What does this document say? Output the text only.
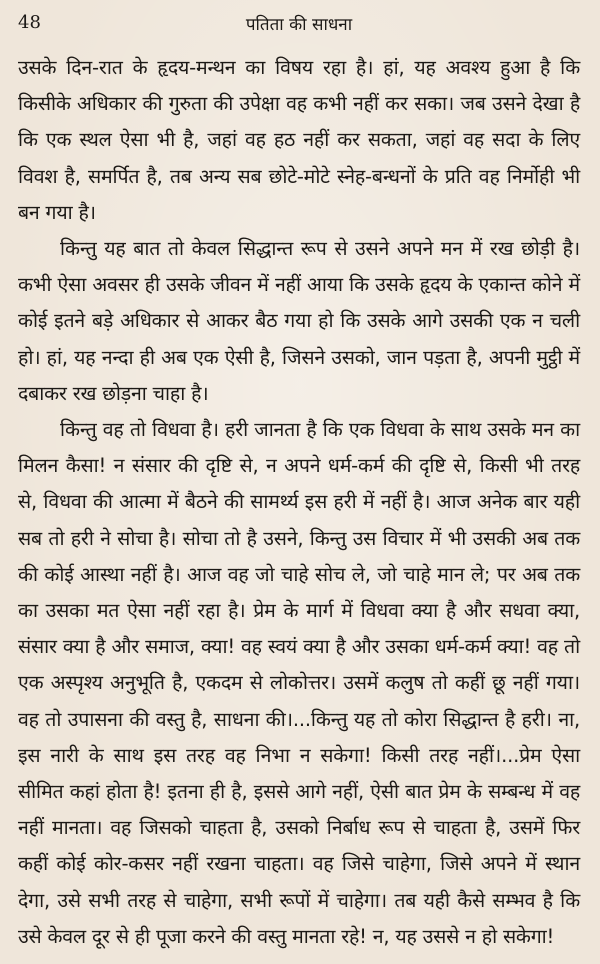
48	पतिता की साधना

उसके दिन-रात के हृदय-मन्थन का विषय रहा है। हां, यह अवश्य हुआ है कि किसीके अधिकार की गुरुता की उपेक्षा वह कभी नहीं कर सका। जब उसने देखा है कि एक स्थल ऐसा भी है, जहां वह हठ नहीं कर सकता, जहां वह सदा के लिए विवश है, समर्पित है, तब अन्य सब छोटे-मोटे स्नेह-बन्धनों के प्रति वह निर्मोही भी बन गया है।

किन्तु यह बात तो केवल सिद्धान्त रूप से उसने अपने मन में रख छोड़ी है। कभी ऐसा अवसर ही उसके जीवन में नहीं आया कि उसके हृदय के एकान्त कोने में कोई इतने बड़े अधिकार से आकर बैठ गया हो कि उसके आगे उसकी एक न चली हो। हां, यह नन्दा ही अब एक ऐसी है, जिसने उसको, जान पड़ता है, अपनी मुट्ठी में दबाकर रख छोड़ना चाहा है।

किन्तु वह तो विधवा है। हरी जानता है कि एक विधवा के साथ उसके मन का मिलन कैसा! न संसार की दृष्टि से, न अपने धर्म-कर्म की दृष्टि से, किसी भी तरह से, विधवा की आत्मा में बैठने की सामर्थ्य इस हरी में नहीं है। आज अनेक बार यही सब तो हरी ने सोचा है। सोचा तो है उसने, किन्तु उस विचार में भी उसकी अब तक की कोई आस्था नहीं है। आज वह जो चाहे सोच ले, जो चाहे मान ले; पर अब तक का उसका मत ऐसा नहीं रहा है। प्रेम के मार्ग में विधवा क्या है और सधवा क्या, संसार क्या है और समाज, क्या! वह स्वयं क्या है और उसका धर्म-कर्म क्या! वह तो एक अस्पृश्य अनुभूति है, एकदम से लोकोत्तर। उसमें कलुष तो कहीं छू नहीं गया। वह तो उपासना की वस्तु है, साधना की।...किन्तु यह तो कोरा सिद्धान्त है हरी। ना, इस नारी के साथ इस तरह वह निभा न सकेगा! किसी तरह नहीं।...प्रेम ऐसा सीमित कहां होता है! इतना ही है, इससे आगे नहीं, ऐसी बात प्रेम के सम्बन्ध में वह नहीं मानता। वह जिसको चाहता है, उसको निर्बाध रूप से चाहता है, उसमें फिर कहीं कोई कोर-कसर नहीं रखना चाहता। वह जिसे चाहेगा, जिसे अपने में स्थान देगा, उसे सभी तरह से चाहेगा, सभी रूपों में चाहेगा। तब यही कैसे सम्भव है कि उसे केवल दूर से ही पूजा करने की वस्तु मानता रहे! न, यह उससे न हो सकेगा!
